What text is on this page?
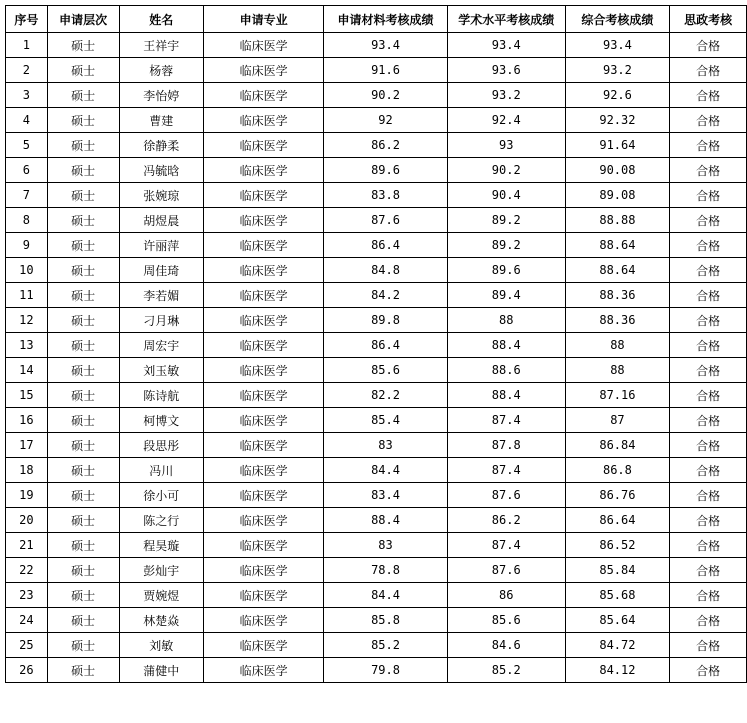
序号	申请层次	姓名	申请专业	申请材料考核成绩	学术水平考核成绩	综合考核成绩	思政考核
1	硕士	王祥宇	临床医学	93.4	93.4	93.4	合格
2	硕士	杨蓉	临床医学	91.6	93.6	93.2	合格
3	硕士	李怡婷	临床医学	90.2	93.2	92.6	合格
4	硕士	曹建	临床医学	92	92.4	92.32	合格
5	硕士	徐静柔	临床医学	86.2	93	91.64	合格
6	硕士	冯毓晗	临床医学	89.6	90.2	90.08	合格
7	硕士	张婉琼	临床医学	83.8	90.4	89.08	合格
8	硕士	胡煜晨	临床医学	87.6	89.2	88.88	合格
9	硕士	许丽萍	临床医学	86.4	89.2	88.64	合格
10	硕士	周佳琦	临床医学	84.8	89.6	88.64	合格
11	硕士	李若媚	临床医学	84.2	89.4	88.36	合格
12	硕士	刁月琳	临床医学	89.8	88	88.36	合格
13	硕士	周宏宇	临床医学	86.4	88.4	88	合格
14	硕士	刘玉敏	临床医学	85.6	88.6	88	合格
15	硕士	陈诗航	临床医学	82.2	88.4	87.16	合格
16	硕士	柯博文	临床医学	85.4	87.4	87	合格
17	硕士	段思彤	临床医学	83	87.8	86.84	合格
18	硕士	冯川	临床医学	84.4	87.4	86.8	合格
19	硕士	徐小可	临床医学	83.4	87.6	86.76	合格
20	硕士	陈之行	临床医学	88.4	86.2	86.64	合格
21	硕士	程昊璇	临床医学	83	87.4	86.52	合格
22	硕士	彭灿宇	临床医学	78.8	87.6	85.84	合格
23	硕士	贾婉煜	临床医学	84.4	86	85.68	合格
24	硕士	林楚焱	临床医学	85.8	85.6	85.64	合格
25	硕士	刘敏	临床医学	85.2	84.6	84.72	合格
26	硕士	蒲健中	临床医学	79.8	85.2	84.12	合格
